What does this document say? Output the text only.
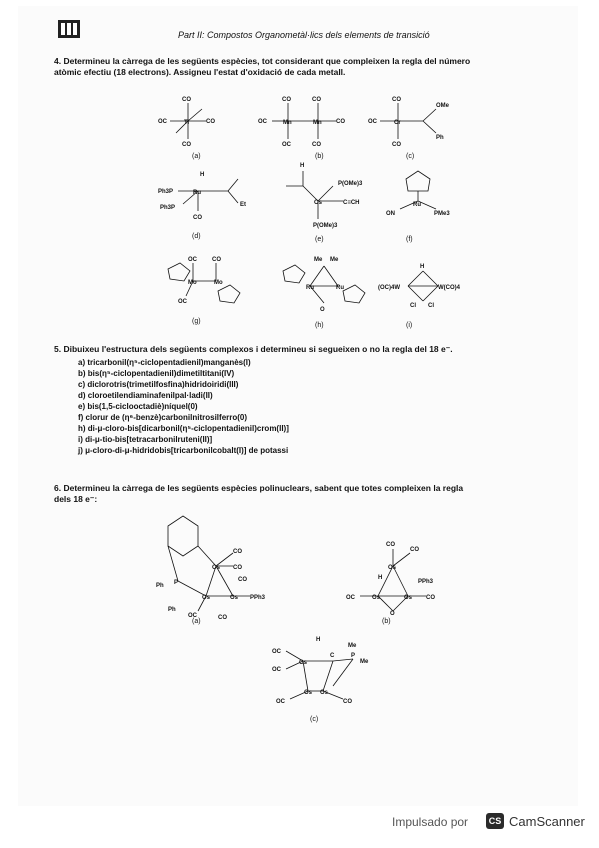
Part II: Compostos Organometàl·lics dels elements de transició
4. Determineu la càrrega de les següents espècies, tot considerant que compleixen la regla del número
atòmic efectiu (18 electrons). Assigneu l'estat d'oxidació de cada metall.
CO
Ti
OC	CO
CO
CO
Mn	Mn
OC	CO
CO
OC	CO
CO
Cr
OC
OMe
Ph
CO
Ru
Ph3P
Ph3P
CO
Et
H
Os
P(OMe)3
C≡CH
P(OMe)3
H
Ru
ON	PMe3
Mo	Mo
OC	CO
OC
Ru	Ru
Me Me
O
(OC)4W	W(CO)4
H
Cl Cl
(a)	(b)	(c)
(d)	(e)	(f)
(g)
(h)	(i)
5. Dibuixeu l'estructura dels següents complexos i determineu si segueixen o no la regla del 18 e⁻.
a) tricarbonil(η⁵-ciclopentadienil)manganès(I)
b) bis(η⁵-ciclopentadienil)dimetiltitani(IV)
c) diclorotris(trimetilfosfina)hidridoiridi(III)
d) cloroetilendiaminafenilpal·ladi(II)
e) bis(1,5-ciclooctadiè)níquel(0)
f) clorur de (η⁶-benzè)carbonilnitrosilferro(0)
h) di-μ-cloro-bis[dicarbonil(η⁵-ciclopentadienil)crom(II)]
i) di-μ-tio-bis[tetracarbonilruteni(II)]
j) μ-cloro-di-μ-hidridobis[tricarbonilcobalt(I)] de potassi
6. Determineu la càrrega de les següents espècies polinuclears, sabent que totes compleixen la regla
dels 18 e⁻:
Os
Os	Os
P
Ph
Ph
PPh3
CO
CO
OC	CO
CO
Os
Os	Os
O
H
CO
CO
OC	CO
PPh3
Os
Os Os
C	P
Me
Me
H
OC
OC
CO
OC
(a)	(b)
(c)
Impulsado por	CS CamScanner
